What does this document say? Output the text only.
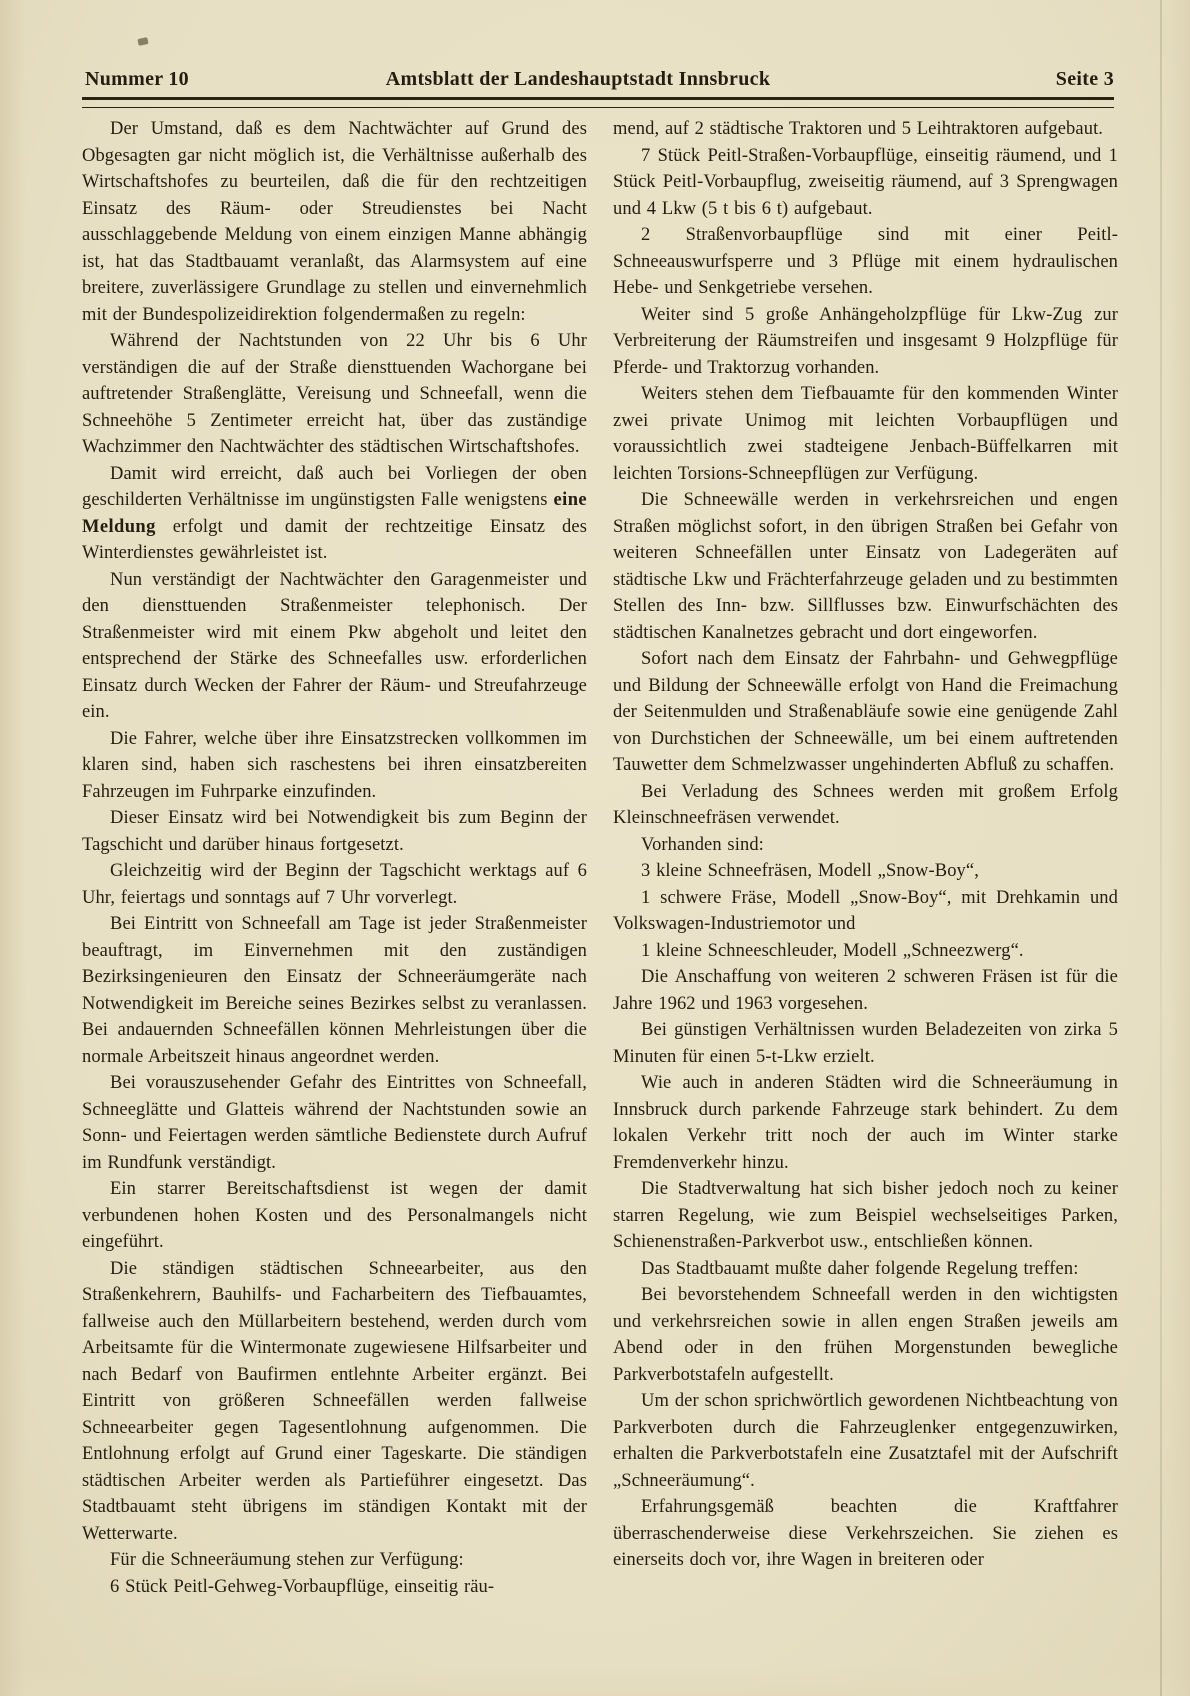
Nummer 10	Amtsblatt der Landeshauptstadt Innsbruck	Seite 3

Der Umstand, daß es dem Nachtwächter auf Grund des Obgesagten gar nicht möglich ist, die Verhältnisse außerhalb des Wirtschaftshofes zu beurteilen, daß die für den rechtzeitigen Einsatz des Räum- oder Streudienstes bei Nacht ausschlaggebende Meldung von einem einzigen Manne abhängig ist, hat das Stadtbauamt veranlaßt, das Alarmsystem auf eine breitere, zuverlässigere Grundlage zu stellen und einvernehmlich mit der Bundespolizeidirektion folgendermaßen zu regeln:

Während der Nachtstunden von 22 Uhr bis 6 Uhr verständigen die auf der Straße diensttuenden Wachorgane bei auftretender Straßenglätte, Vereisung und Schneefall, wenn die Schneehöhe 5 Zentimeter erreicht hat, über das zuständige Wachzimmer den Nachtwächter des städtischen Wirtschaftshofes.

Damit wird erreicht, daß auch bei Vorliegen der oben geschilderten Verhältnisse im ungünstigsten Falle wenigstens eine Meldung erfolgt und damit der rechtzeitige Einsatz des Winterdienstes gewährleistet ist.

Nun verständigt der Nachtwächter den Garagenmeister und den diensttuenden Straßenmeister telephonisch. Der Straßenmeister wird mit einem Pkw abgeholt und leitet den entsprechend der Stärke des Schneefalles usw. erforderlichen Einsatz durch Wecken der Fahrer der Räum- und Streufahrzeuge ein.

Die Fahrer, welche über ihre Einsatzstrecken vollkommen im klaren sind, haben sich raschestens bei ihren einsatzbereiten Fahrzeugen im Fuhrparke einzufinden.

Dieser Einsatz wird bei Notwendigkeit bis zum Beginn der Tagschicht und darüber hinaus fortgesetzt.

Gleichzeitig wird der Beginn der Tagschicht werktags auf 6 Uhr, feiertags und sonntags auf 7 Uhr vorverlegt.

Bei Eintritt von Schneefall am Tage ist jeder Straßenmeister beauftragt, im Einvernehmen mit den zuständigen Bezirksingenieuren den Einsatz der Schneeräumgeräte nach Notwendigkeit im Bereiche seines Bezirkes selbst zu veranlassen. Bei andauernden Schneefällen können Mehrleistungen über die normale Arbeitszeit hinaus angeordnet werden.

Bei vorauszusehender Gefahr des Eintrittes von Schneefall, Schneeglätte und Glatteis während der Nachtstunden sowie an Sonn- und Feiertagen werden sämtliche Bedienstete durch Aufruf im Rundfunk verständigt.

Ein starrer Bereitschaftsdienst ist wegen der damit verbundenen hohen Kosten und des Personalmangels nicht eingeführt.

Die ständigen städtischen Schneearbeiter, aus den Straßenkehrern, Bauhilfs- und Facharbeitern des Tiefbauamtes, fallweise auch den Müllarbeitern bestehend, werden durch vom Arbeitsamte für die Wintermonate zugewiesene Hilfsarbeiter und nach Bedarf von Baufirmen entlehnte Arbeiter ergänzt. Bei Eintritt von größeren Schneefällen werden fallweise Schneearbeiter gegen Tagesentlohnung aufgenommen. Die Entlohnung erfolgt auf Grund einer Tageskarte. Die ständigen städtischen Arbeiter werden als Partieführer eingesetzt. Das Stadtbauamt steht übrigens im ständigen Kontakt mit der Wetterwarte.

Für die Schneeräumung stehen zur Verfügung:

6 Stück Peitl-Gehweg-Vorbaupflüge, einseitig räu-

mend, auf 2 städtische Traktoren und 5 Leihtraktoren aufgebaut.

7 Stück Peitl-Straßen-Vorbaupflüge, einseitig räumend, und 1 Stück Peitl-Vorbaupflug, zweiseitig räumend, auf 3 Sprengwagen und 4 Lkw (5 t bis 6 t) aufgebaut.

2 Straßenvorbaupflüge sind mit einer Peitl-Schneeauswurfsperre und 3 Pflüge mit einem hydraulischen Hebe- und Senkgetriebe versehen.

Weiter sind 5 große Anhängeholzpflüge für Lkw-Zug zur Verbreiterung der Räumstreifen und insgesamt 9 Holzpflüge für Pferde- und Traktorzug vorhanden.

Weiters stehen dem Tiefbauamte für den kommenden Winter zwei private Unimog mit leichten Vorbaupflügen und voraussichtlich zwei stadteigene Jenbach-Büffelkarren mit leichten Torsions-Schneepflügen zur Verfügung.

Die Schneewälle werden in verkehrsreichen und engen Straßen möglichst sofort, in den übrigen Straßen bei Gefahr von weiteren Schneefällen unter Einsatz von Ladegeräten auf städtische Lkw und Frächterfahrzeuge geladen und zu bestimmten Stellen des Inn- bzw. Sillflusses bzw. Einwurfschächten des städtischen Kanalnetzes gebracht und dort eingeworfen.

Sofort nach dem Einsatz der Fahrbahn- und Gehwegpflüge und Bildung der Schneewälle erfolgt von Hand die Freimachung der Seitenmulden und Straßenabläufe sowie eine genügende Zahl von Durchstichen der Schneewälle, um bei einem auftretenden Tauwetter dem Schmelzwasser ungehinderten Abfluß zu schaffen.

Bei Verladung des Schnees werden mit großem Erfolg Kleinschneefräsen verwendet.

Vorhanden sind:

3 kleine Schneefräsen, Modell „Snow-Boy“,

1 schwere Fräse, Modell „Snow-Boy“, mit Drehkamin und Volkswagen-Industriemotor und

1 kleine Schneeschleuder, Modell „Schneezwerg“.

Die Anschaffung von weiteren 2 schweren Fräsen ist für die Jahre 1962 und 1963 vorgesehen.

Bei günstigen Verhältnissen wurden Beladezeiten von zirka 5 Minuten für einen 5-t-Lkw erzielt.

Wie auch in anderen Städten wird die Schneeräumung in Innsbruck durch parkende Fahrzeuge stark behindert. Zu dem lokalen Verkehr tritt noch der auch im Winter starke Fremdenverkehr hinzu.

Die Stadtverwaltung hat sich bisher jedoch noch zu keiner starren Regelung, wie zum Beispiel wechselseitiges Parken, Schienenstraßen-Parkverbot usw., entschließen können.

Das Stadtbauamt mußte daher folgende Regelung treffen:

Bei bevorstehendem Schneefall werden in den wichtigsten und verkehrsreichen sowie in allen engen Straßen jeweils am Abend oder in den frühen Morgenstunden bewegliche Parkverbotstafeln aufgestellt.

Um der schon sprichwörtlich gewordenen Nichtbeachtung von Parkverboten durch die Fahrzeuglenker entgegenzuwirken, erhalten die Parkverbotstafeln eine Zusatztafel mit der Aufschrift „Schneeräumung“.

Erfahrungsgemäß beachten die Kraftfahrer überraschenderweise diese Verkehrszeichen. Sie ziehen es einerseits doch vor, ihre Wagen in breiteren oder
